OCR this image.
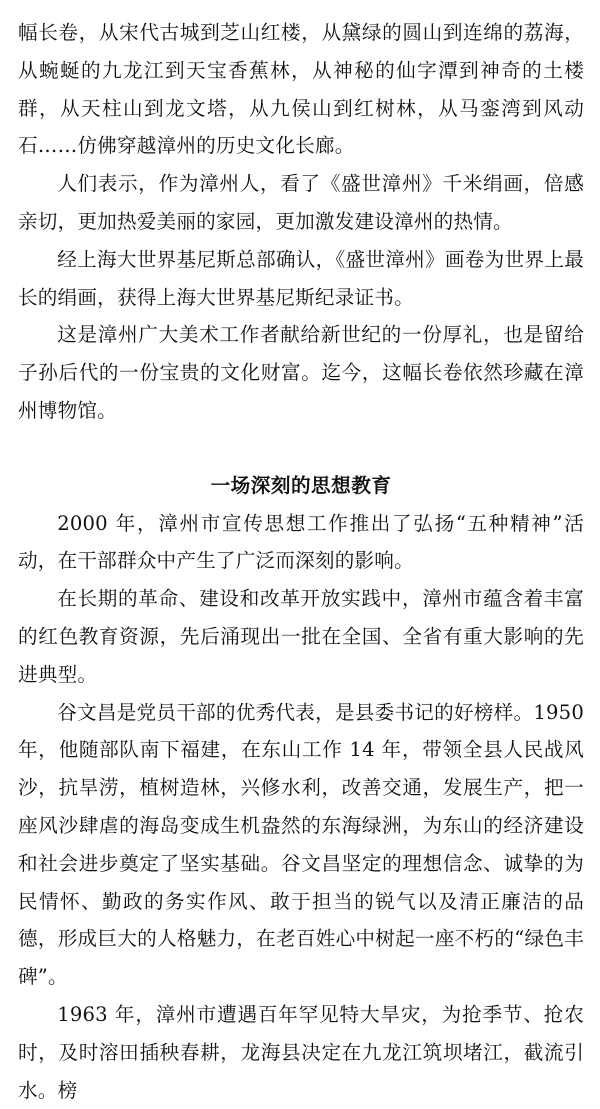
幅长卷，从宋代古城到芝山红楼，从黛绿的圆山到连绵的荔海，从蜿蜒的九龙江到天宝香蕉林，从神秘的仙字潭到神奇的土楼群，从天柱山到龙文塔，从九侯山到红树林，从马銮湾到风动石……仿佛穿越漳州的历史文化长廊。

人们表示，作为漳州人，看了《盛世漳州》千米绢画，倍感亲切，更加热爱美丽的家园，更加激发建设漳州的热情。

经上海大世界基尼斯总部确认，《盛世漳州》画卷为世界上最长的绢画，获得上海大世界基尼斯纪录证书。

这是漳州广大美术工作者献给新世纪的一份厚礼，也是留给子孙后代的一份宝贵的文化财富。迄今，这幅长卷依然珍藏在漳州博物馆。

一场深刻的思想教育

2000 年，漳州市宣传思想工作推出了弘扬“五种精神”活动，在干部群众中产生了广泛而深刻的影响。

在长期的革命、建设和改革开放实践中，漳州市蕴含着丰富的红色教育资源，先后涌现出一批在全国、全省有重大影响的先进典型。

谷文昌是党员干部的优秀代表，是县委书记的好榜样。1950 年，他随部队南下福建，在东山工作 14 年，带领全县人民战风沙，抗旱涝，植树造林，兴修水利，改善交通，发展生产，把一座风沙肆虐的海岛变成生机盎然的东海绿洲，为东山的经济建设和社会进步奠定了坚实基础。谷文昌坚定的理想信念、诚挚的为民情怀、勤政的务实作风、敢于担当的锐气以及清正廉洁的品德，形成巨大的人格魅力，在老百姓心中树起一座不朽的“绿色丰碑”。

1963 年，漳州市遭遇百年罕见特大旱灾，为抢季节、抢农时，及时溶田插秧春耕，龙海县决定在九龙江筑坝堵江，截流引水。榜
